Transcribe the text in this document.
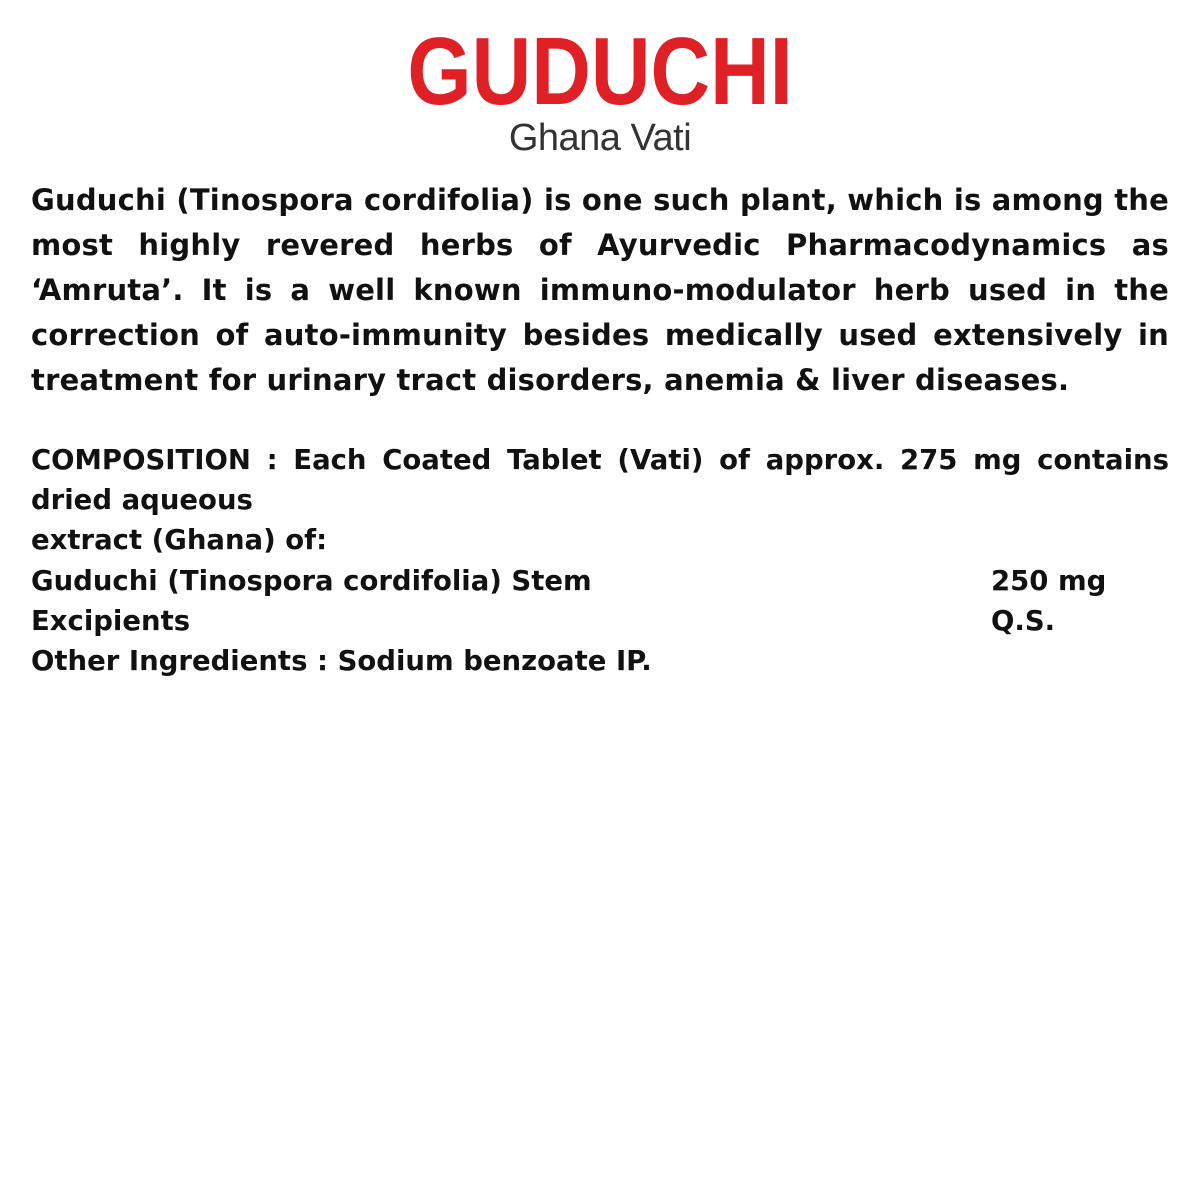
GUDUCHI
Ghana Vati
Guduchi (Tinospora cordifolia) is one such plant, which is among the most highly revered herbs of Ayurvedic Pharmacodynamics as ‘Amruta’. It is a well known immuno-modulator herb used in the correction of auto-immunity besides medically used extensively in treatment for urinary tract disorders, anemia & liver diseases.
COMPOSITION : Each Coated Tablet (Vati) of approx. 275 mg contains dried aqueous
extract (Ghana) of:
Guduchi (Tinospora cordifolia) Stem	250 mg
Excipients	Q.S.
Other Ingredients : Sodium benzoate IP.
